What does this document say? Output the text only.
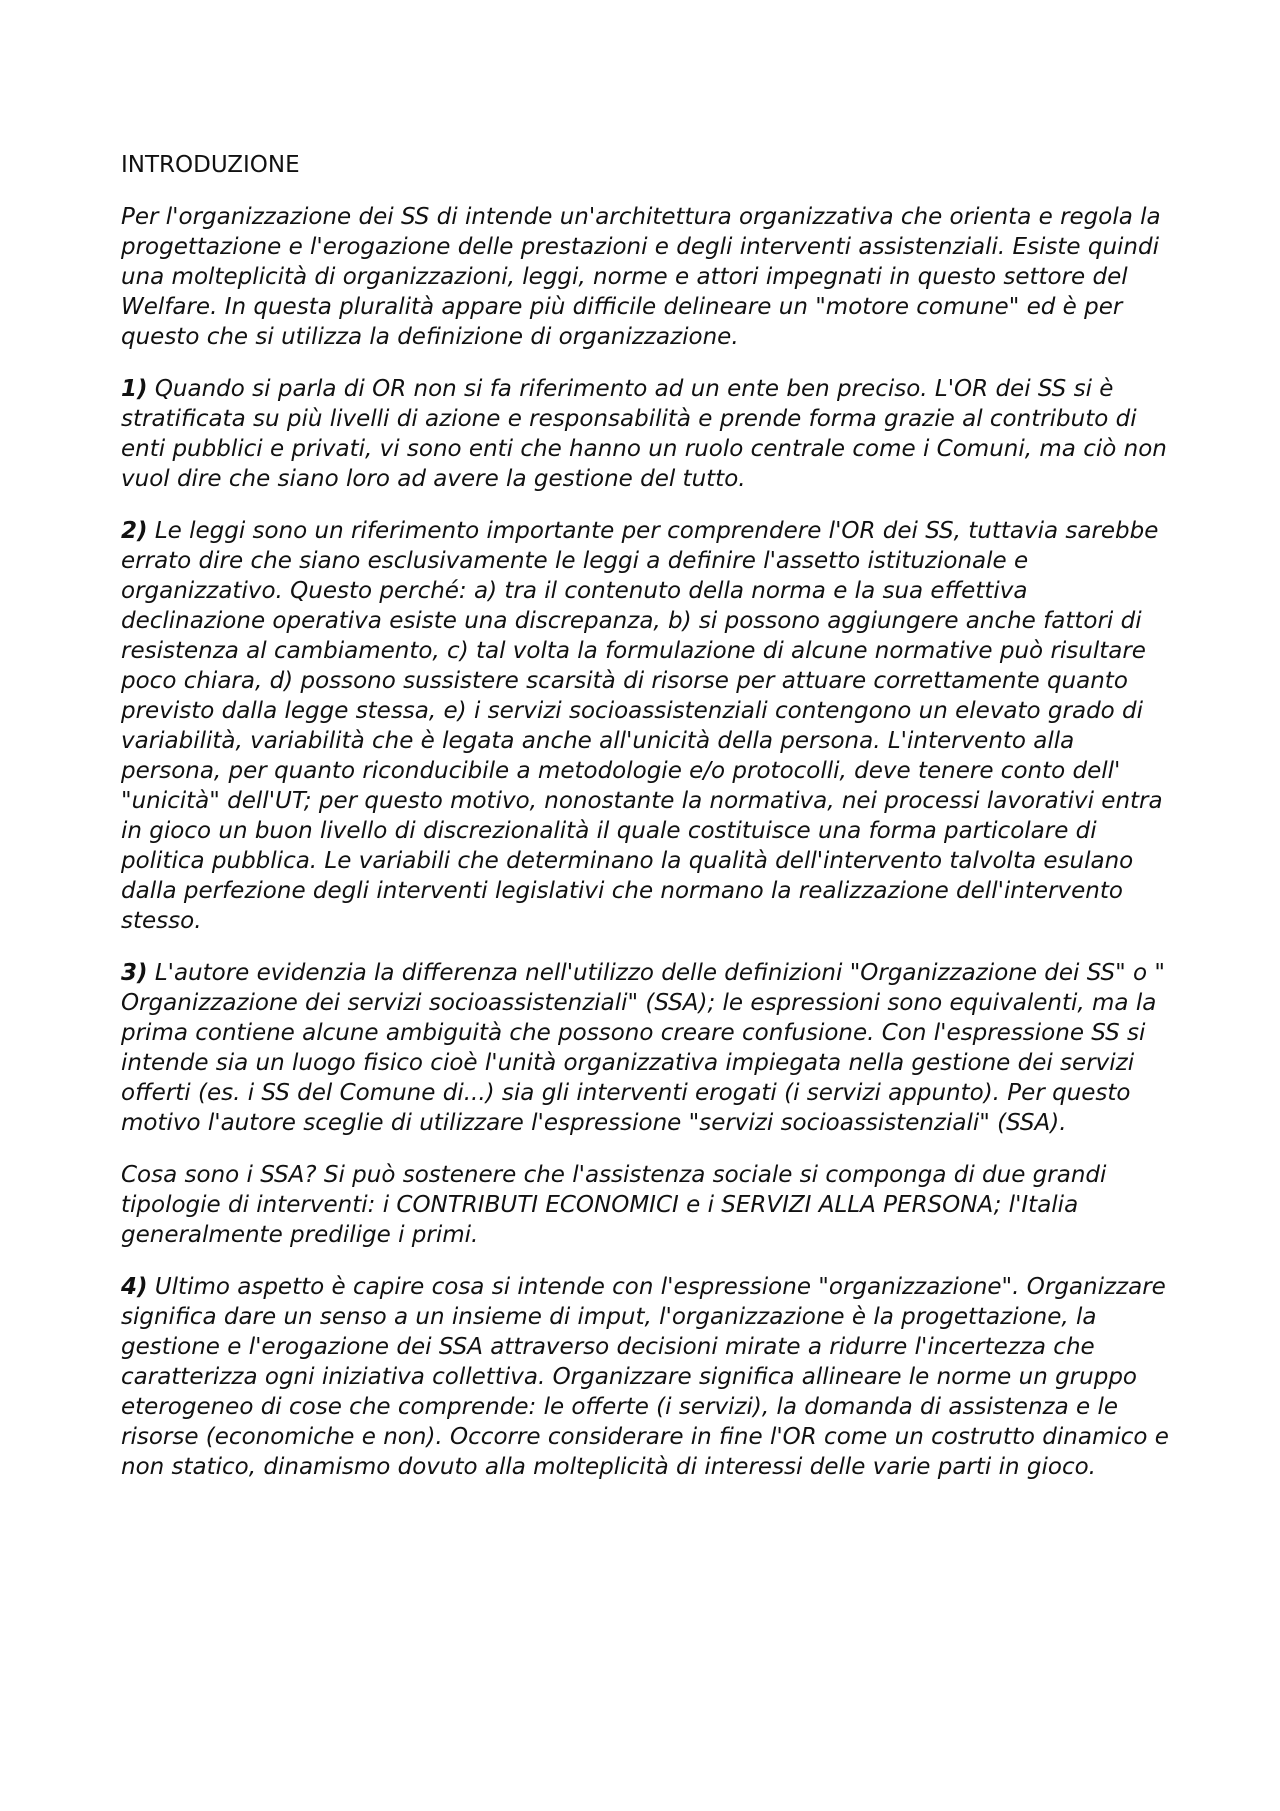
INTRODUZIONE

Per l'organizzazione dei SS di intende un'architettura organizzativa che orienta e regola la progettazione e l'erogazione delle prestazioni e degli interventi assistenziali. Esiste quindi una molteplicità di organizzazioni, leggi, norme e attori impegnati in questo settore del Welfare. In questa pluralità appare più difficile delineare un "motore comune" ed è per questo che si utilizza la definizione di organizzazione.

1) Quando si parla di OR non si fa riferimento ad un ente ben preciso. L'OR dei SS si è stratificata su più livelli di azione e responsabilità e prende forma grazie al contributo di enti pubblici e privati, vi sono enti che hanno un ruolo centrale come i Comuni, ma ciò non vuol dire che siano loro ad avere la gestione del tutto.

2) Le leggi sono un riferimento importante per comprendere l'OR dei SS, tuttavia sarebbe errato dire che siano esclusivamente le leggi a definire l'assetto istituzionale e organizzativo. Questo perché: a) tra il contenuto della norma e la sua effettiva declinazione operativa esiste una discrepanza, b) si possono aggiungere anche fattori di resistenza al cambiamento, c) tal volta la formulazione di alcune normative può risultare poco chiara, d) possono sussistere scarsità di risorse per attuare correttamente quanto previsto dalla legge stessa, e) i servizi socioassistenziali contengono un elevato grado di variabilità, variabilità che è legata anche all'unicità della persona. L'intervento alla persona, per quanto riconducibile a metodologie e/o protocolli, deve tenere conto dell' "unicità" dell'UT; per questo motivo, nonostante la normativa, nei processi lavorativi entra in gioco un buon livello di discrezionalità il quale costituisce una forma particolare di politica pubblica. Le variabili che determinano la qualità dell'intervento talvolta esulano dalla perfezione degli interventi legislativi che normano la realizzazione dell'intervento stesso.

3) L'autore evidenzia la differenza nell'utilizzo delle definizioni "Organizzazione dei SS" o " Organizzazione dei servizi socioassistenziali" (SSA); le espressioni sono equivalenti, ma la prima contiene alcune ambiguità che possono creare confusione. Con l'espressione SS si intende sia un luogo fisico cioè l'unità organizzativa impiegata nella gestione dei servizi offerti (es. i SS del Comune di...) sia gli interventi erogati (i servizi appunto). Per questo motivo l'autore sceglie di utilizzare l'espressione "servizi socioassistenziali" (SSA).

Cosa sono i SSA? Si può sostenere che l'assistenza sociale si componga di due grandi tipologie di interventi: i CONTRIBUTI ECONOMICI e i SERVIZI ALLA PERSONA; l'Italia generalmente predilige i primi.

4) Ultimo aspetto è capire cosa si intende con l'espressione "organizzazione". Organizzare significa dare un senso a un insieme di imput, l'organizzazione è la progettazione, la gestione e l'erogazione dei SSA attraverso decisioni mirate a ridurre l'incertezza che caratterizza ogni iniziativa collettiva. Organizzare significa allineare le norme un gruppo eterogeneo di cose che comprende: le offerte (i servizi), la domanda di assistenza e le risorse (economiche e non). Occorre considerare in fine l'OR come un costrutto dinamico e non statico, dinamismo dovuto alla molteplicità di interessi delle varie parti in gioco.
